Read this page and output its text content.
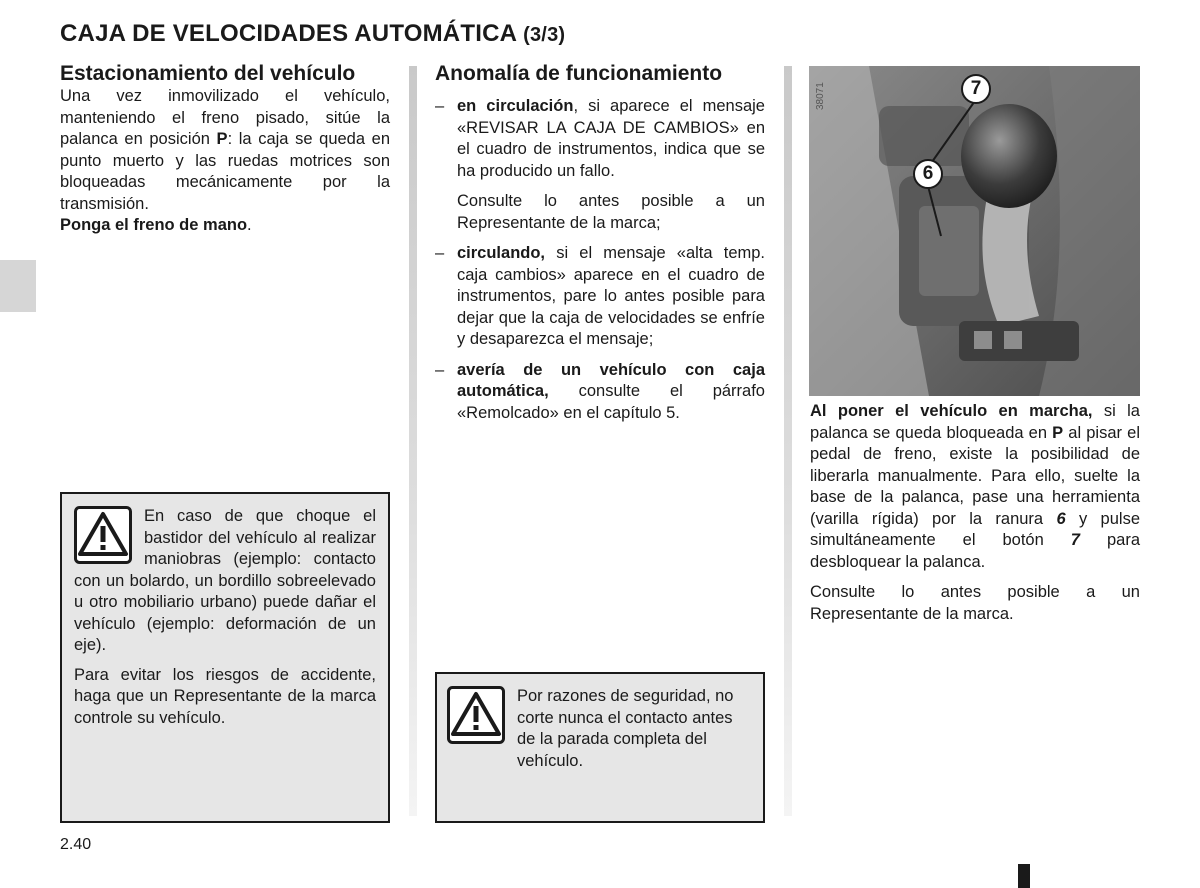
CAJA DE VELOCIDADES AUTOMÁTICA (3/3)
Estacionamiento del vehículo

Una vez inmovilizado el vehículo, manteniendo el freno pisado, sitúe la palanca en posición P: la caja se queda en punto muerto y las ruedas motrices son bloqueadas mecánicamente por la transmisión.

Ponga el freno de mano.

En caso de que choque el bastidor del vehículo al realizar maniobras (ejemplo: contacto con un bolardo, un bordillo sobreelevado u otro mobiliario urbano) puede dañar el vehículo (ejemplo: deformación de un eje).

Para evitar los riesgos de accidente, haga que un Representante de la marca controle su vehículo.

Anomalía de funcionamiento
– en circulación, si aparece el mensaje «REVISAR LA CAJA DE CAMBIOS» en el cuadro de instrumentos, indica que se ha producido un fallo.

Consulte lo antes posible a un Representante de la marca;

– circulando, si el mensaje «alta temp. caja cambios» aparece en el cuadro de instrumentos, pare lo antes posible para dejar que la caja de velocidades se enfríe y desaparezca el mensaje;

– avería de un vehículo con caja automática, consulte el párrafo «Remolcado» en el capítulo 5.

Por razones de seguridad, no corte nunca el contacto antes de la parada completa del vehículo.

38071	7
6

Al poner el vehículo en marcha, si la palanca se queda bloqueada en P al pisar el pedal de freno, existe la posibilidad de liberarla manualmente. Para ello, suelte la base de la palanca, pase una herramienta (varilla rígida) por la ranura 6 y pulse simultáneamente el botón 7 para desbloquear la palanca.

Consulte lo antes posible a un Representante de la marca.

2.40
